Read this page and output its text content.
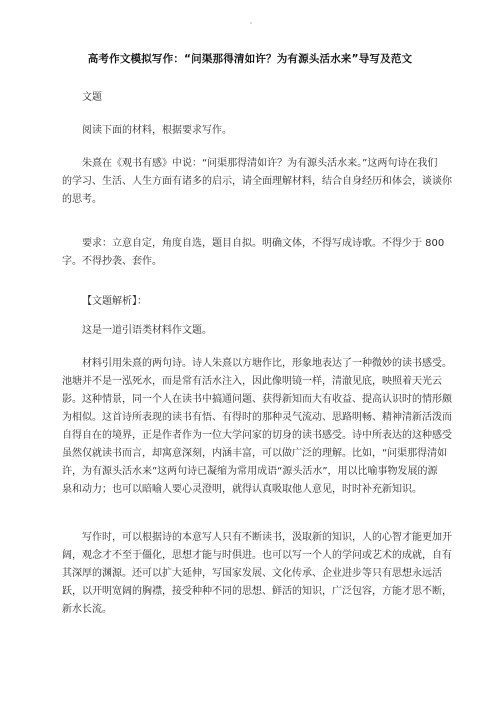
高考作文模拟写作：“问渠那得清如许？为有源头活水来”导写及范文

文题

阅读下面的材料，根据要求写作。

朱熹在《观书有感》中说：“问渠那得清如许？为有源头活水来。”这两句诗在我们
的学习、生活、人生方面有诸多的启示，请全面理解材料，结合自身经历和体会，谈谈你
的思考。

要求：立意自定，角度自选，题目自拟。明确文体，不得写成诗歌。不得少于 800
字。不得抄袭、套作。

【文题解析】：

这是一道引语类材料作文题。

材料引用朱熹的两句诗。诗人朱熹以方塘作比，形象地表达了一种微妙的读书感受。
池塘并不是一泓死水，而是常有活水注入，因此像明镜一样，清澈见底，映照着天光云
影。这种情景，同一个人在读书中搞通问题、获得新知而大有收益、提高认识时的情形颇
为相似。这首诗所表现的读书有悟、有得时的那种灵气流动、思路明畅、精神清新活泼而
自得自在的境界，正是作者作为一位大学问家的切身的读书感受。诗中所表达的这种感受
虽然仅就读书而言，却寓意深刻，内涵丰富，可以做广泛的理解。比如，“问渠那得清如
许，为有源头活水来”这两句诗已凝缩为常用成语“源头活水”，用以比喻事物发展的源
泉和动力；也可以暗喻人要心灵澄明，就得认真吸取他人意见，时时补充新知识。

写作时，可以根据诗的本意写人只有不断读书，汲取新的知识，人的心智才能更加开
阔，观念才不至于僵化，思想才能与时俱进。也可以写一个人的学问或艺术的成就，自有
其深厚的渊源。还可以扩大延伸，写国家发展、文化传承、企业进步等只有思想永远活
跃，以开明宽阔的胸襟，接受种种不同的思想、鲜活的知识，广泛包容，方能才思不断，
新水长流。
